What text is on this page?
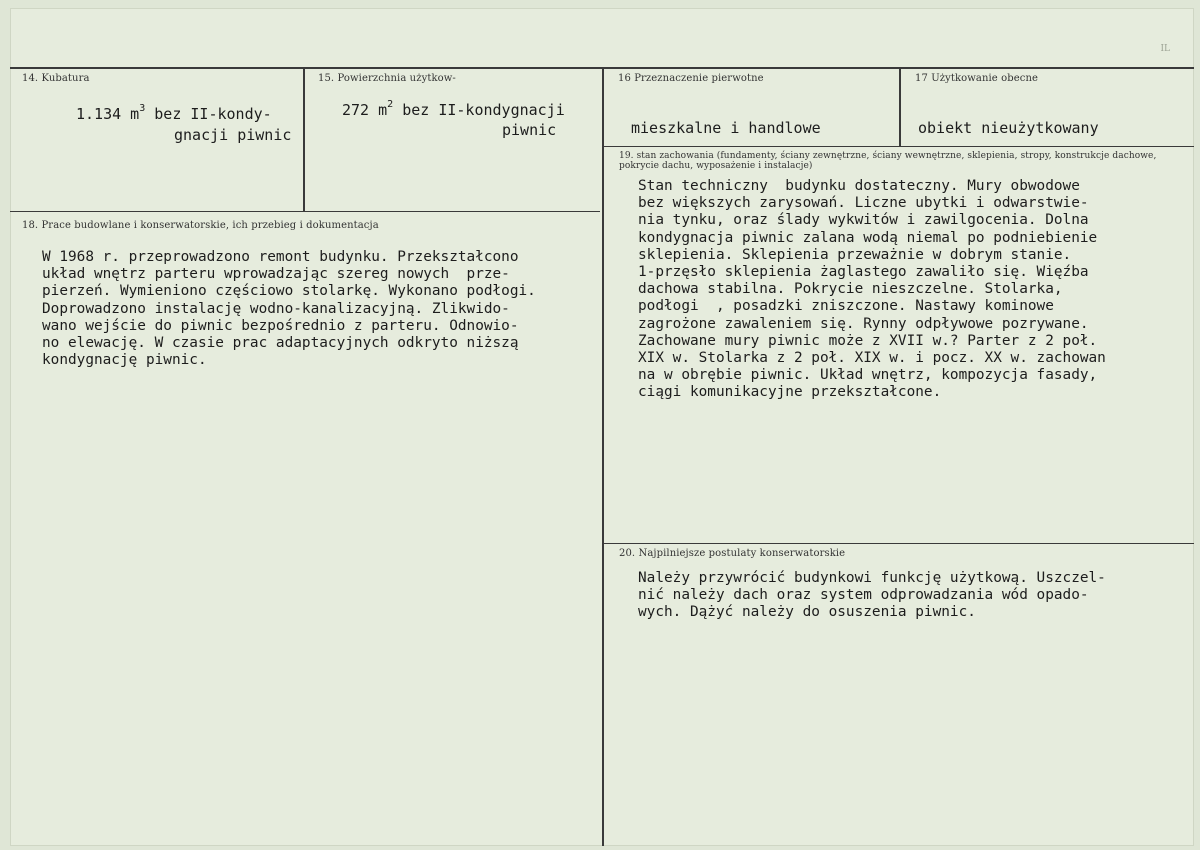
IL
14. Kubatura
1.134 $m^3$ bez II-kondy-
gnacji piwnic
15. Powierzchnia użytkow-
272 $m^2$ bez II-kondygnacji
piwnic
16 Przeznaczenie pierwotne
mieszkalne i handlowe
17 Użytkowanie obecne
obiekt nieużytkowany
18. Prace budowlane i konserwatorskie, ich przebieg i dokumentacja
W 1968 r. przeprowadzono remont budynku. Przekształcono
układ wnętrz parteru wprowadzając szereg nowych  prze-
pierzeń. Wymieniono częściowo stolarkę. Wykonano podłogi.
Doprowadzono instalację wodno-kanalizacyjną. Zlikwido-
wano wejście do piwnic bezpośrednio z parteru. Odnowio-
no elewację. W czasie prac adaptacyjnych odkryto niższą
kondygnację piwnic.
19. stan zachowania (fundamenty, ściany zewnętrzne, ściany wewnętrzne, sklepienia, stropy, konstrukcje dachowe, pokrycie dachu, wyposażenie i instalacje)
Stan techniczny  budynku dostateczny. Mury obwodowe
bez większych zarysowań. Liczne ubytki i odwarstwie-
nia tynku, oraz ślady wykwitów i zawilgocenia. Dolna
kondygnacja piwnic zalana wodą niemal po podniebienie
sklepienia. Sklepienia przeważnie w dobrym stanie.
1-przęsło sklepienia żaglastego zawaliło się. Więźba
dachowa stabilna. Pokrycie nieszczelne. Stolarka,
podłogi  , posadzki zniszczone. Nastawy kominowe
zagrożone zawaleniem się. Rynny odpływowe pozrywane.
Zachowane mury piwnic może z XVII w.? Parter z 2 poł.
XIX w. Stolarka z 2 poł. XIX w. i pocz. XX w. zachowan
na w obrębie piwnic. Układ wnętrz, kompozycja fasady,
ciągi komunikacyjne przekształcone.
20. Najpilniejsze postulaty konserwatorskie
Należy przywrócić budynkowi funkcję użytkową. Uszczel-
nić należy dach oraz system odprowadzania wód opado-
wych. Dążyć należy do osuszenia piwnic.
